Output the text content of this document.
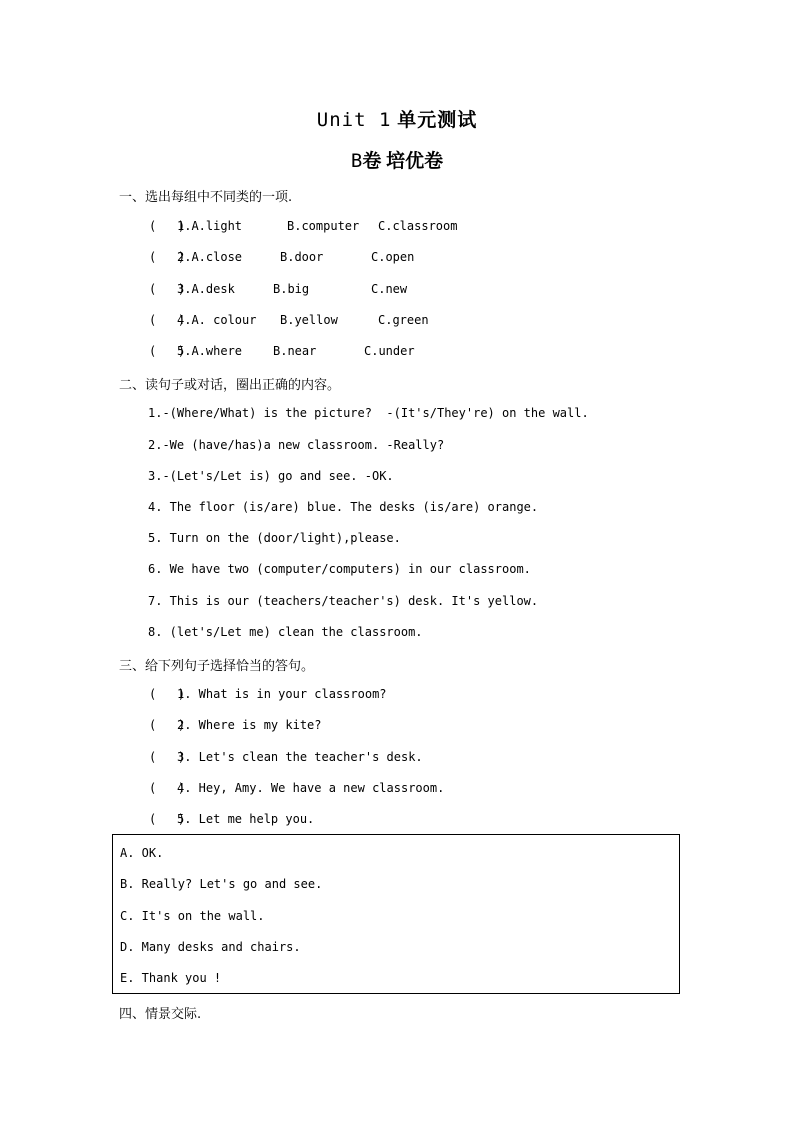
Unit 1 单元测试
B卷 培优卷
一、选出每组中不同类的一项.
(   )
1.A.light	B.computer C.classroom
(   )
2.A.close	B.door	C.open
(   )
3.A.desk	B.big	C.new
(   )
4.A. colour B.yellow	C.green
(   )
5.A.where	B.near	C.under
二、读句子或对话，圈出正确的内容。
1.-(Where/What) is the picture?  -(It's/They're) on the wall.
2.-We (have/has)a new classroom. -Really?
3.-(Let's/Let is) go and see. -OK.
4. The floor (is/are) blue. The desks (is/are) orange.
5. Turn on the (door/light),please.
6. We have two (computer/computers) in our classroom.
7. This is our (teachers/teacher's) desk. It's yellow.
8. (let's/Let me) clean the classroom.
三、给下列句子选择恰当的答句。
(   )
1. What is in your classroom?
(   )
2. Where is my kite?
(   )
3. Let's clean the teacher's desk.
(   )
4. Hey, Amy. We have a new classroom.
(   )
5. Let me help you.
A. OK.
B. Really? Let's go and see.
C. It's on the wall.
D. Many desks and chairs.
E. Thank you !
四、情景交际.
